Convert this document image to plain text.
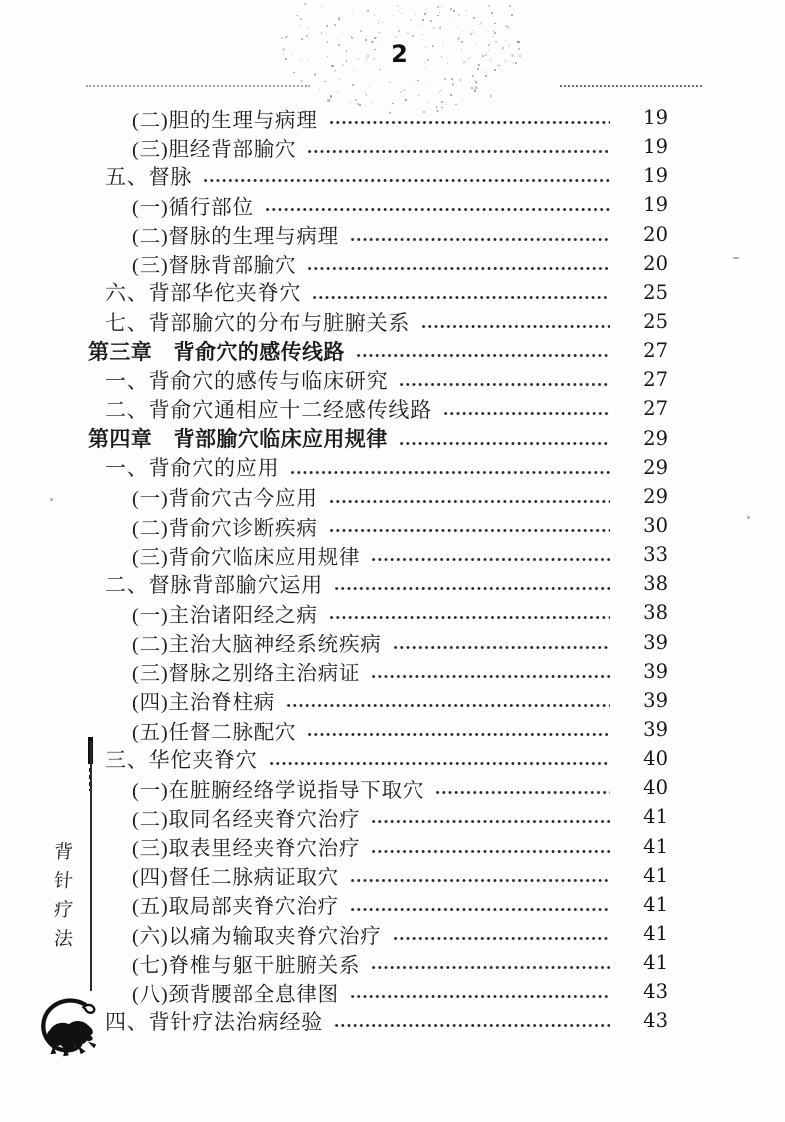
2
(二)胆的生理与病理	19
(三)胆经背部腧穴	19
五、督脉	19
(一)循行部位	19
(二)督脉的生理与病理	20
(三)督脉背部腧穴	20
六、背部华佗夹脊穴	25
七、背部腧穴的分布与脏腑关系	25
第三章　背俞穴的感传线路	27
一、背俞穴的感传与临床研究	27
二、背俞穴通相应十二经感传线路	27
第四章　背部腧穴临床应用规律	29
一、背俞穴的应用	29
(一)背俞穴古今应用	29
(二)背俞穴诊断疾病	30
(三)背俞穴临床应用规律	33
二、督脉背部腧穴运用	38
(一)主治诸阳经之病	38
(二)主治大脑神经系统疾病	39
(三)督脉之别络主治病证	39
(四)主治脊柱病	39
(五)任督二脉配穴	39
三、华佗夹脊穴	40
(一)在脏腑经络学说指导下取穴	40
(二)取同名经夹脊穴治疗	41
(三)取表里经夹脊穴治疗	41
(四)督任二脉病证取穴	41
(五)取局部夹脊穴治疗	41
(六)以痛为输取夹脊穴治疗	41
(七)脊椎与躯干脏腑关系	41
(八)颈背腰部全息律图	43
四、背针疗法治病经验	43
背
针
疗
法
